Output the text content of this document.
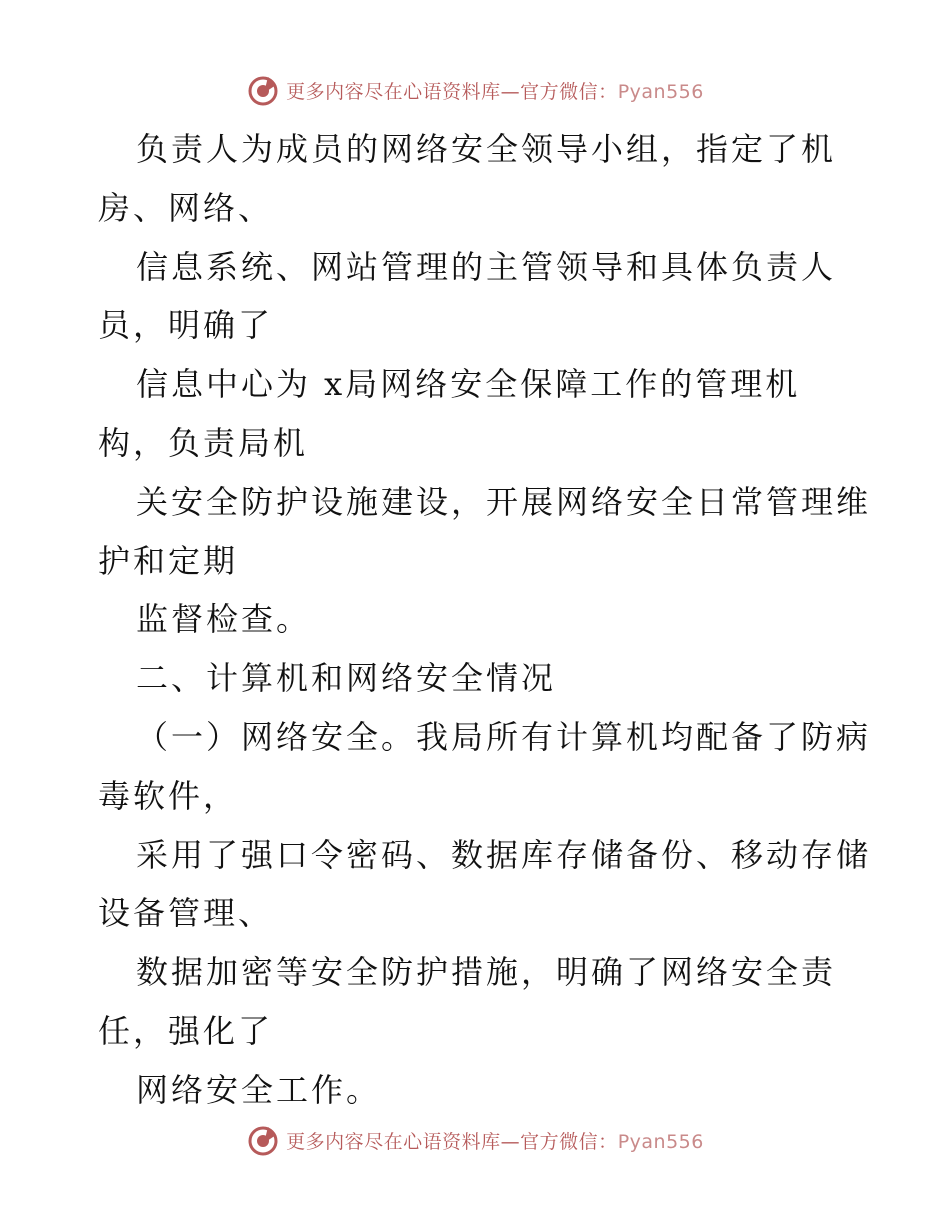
更多内容尽在心语资料库—官方微信：Pyan556
负责人为成员的网络安全领导小组，指定了机
房、网络、
信息系统、网站管理的主管领导和具体负责人
员，明确了
信息中心为 x局网络安全保障工作的管理机
构，负责局机
关安全防护设施建设，开展网络安全日常管理维
护和定期
监督检查。
二、计算机和网络安全情况
（一）网络安全。我局所有计算机均配备了防病
毒软件，
采用了强口令密码、数据库存储备份、移动存储
设备管理、
数据加密等安全防护措施，明确了网络安全责
任，强化了
网络安全工作。
更多内容尽在心语资料库—官方微信：Pyan556
